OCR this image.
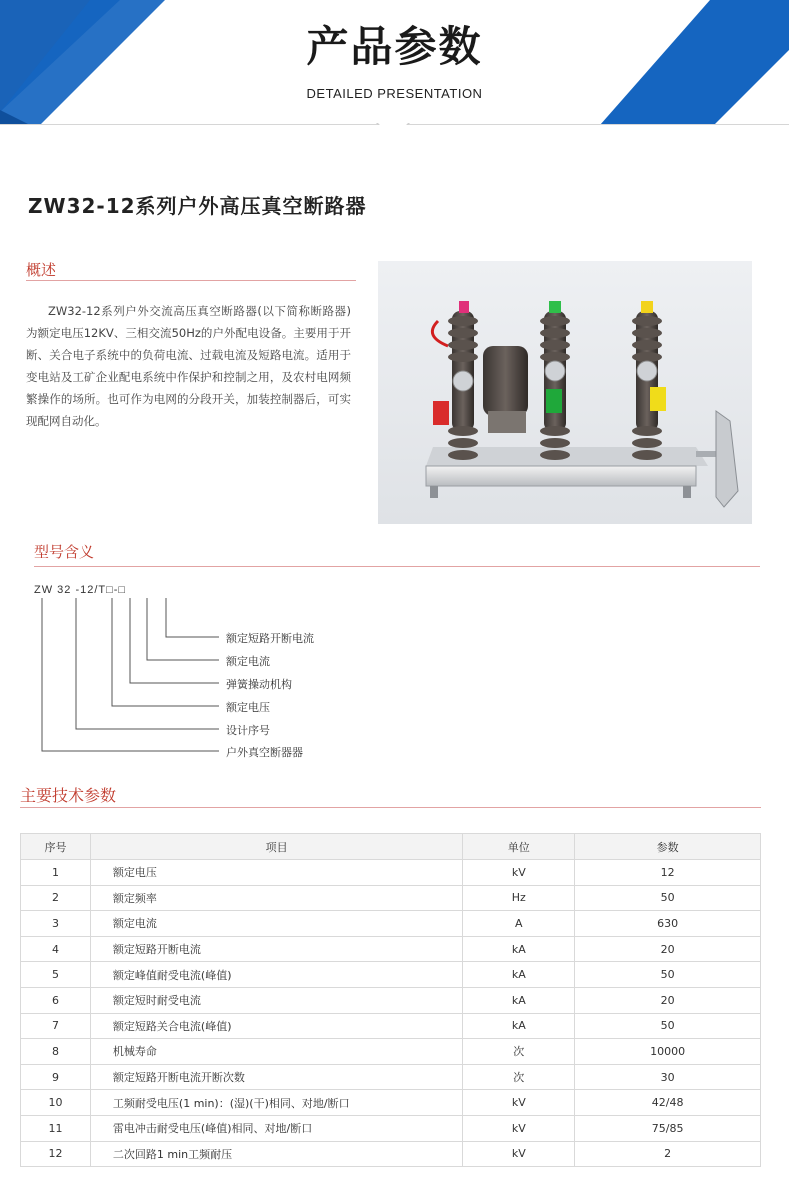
产品参数
DETAILED PRESENTATION
ZW32-12系列户外高压真空断路器
概述
ZW32-12系列户外交流高压真空断路器(以下简称断路器)为额定电压12KV、三相交流50Hz的户外配电设备。主要用于开断、关合电子系统中的负荷电流、过载电流及短路电流。适用于变电站及工矿企业配电系统中作保护和控制之用，及农村电网频繁操作的场所。也可作为电网的分段开关，加装控制器后，可实现配网自动化。
型号含义
ZW 32 -12/T□-□
额定短路开断电流
额定电流
弹簧操动机构
额定电压
设计序号
户外真空断器器
主要技术参数
序号	项目	单位	参数
1	额定电压	kV	12
2	额定频率	Hz	50
3	额定电流	A	630
4	额定短路开断电流	kA	20
5	额定峰值耐受电流(峰值)	kA	50
6	额定短时耐受电流	kA	20
7	额定短路关合电流(峰值)	kA	50
8	机械寿命	次	10000
9	额定短路开断电流开断次数	次	30
10	工频耐受电压(1 min)：(湿)(干)相同、对地/断口	kV	42/48
11	雷电冲击耐受电压(峰值)相同、对地/断口	kV	75/85
12	二次回路1 min工频耐压	kV	2
